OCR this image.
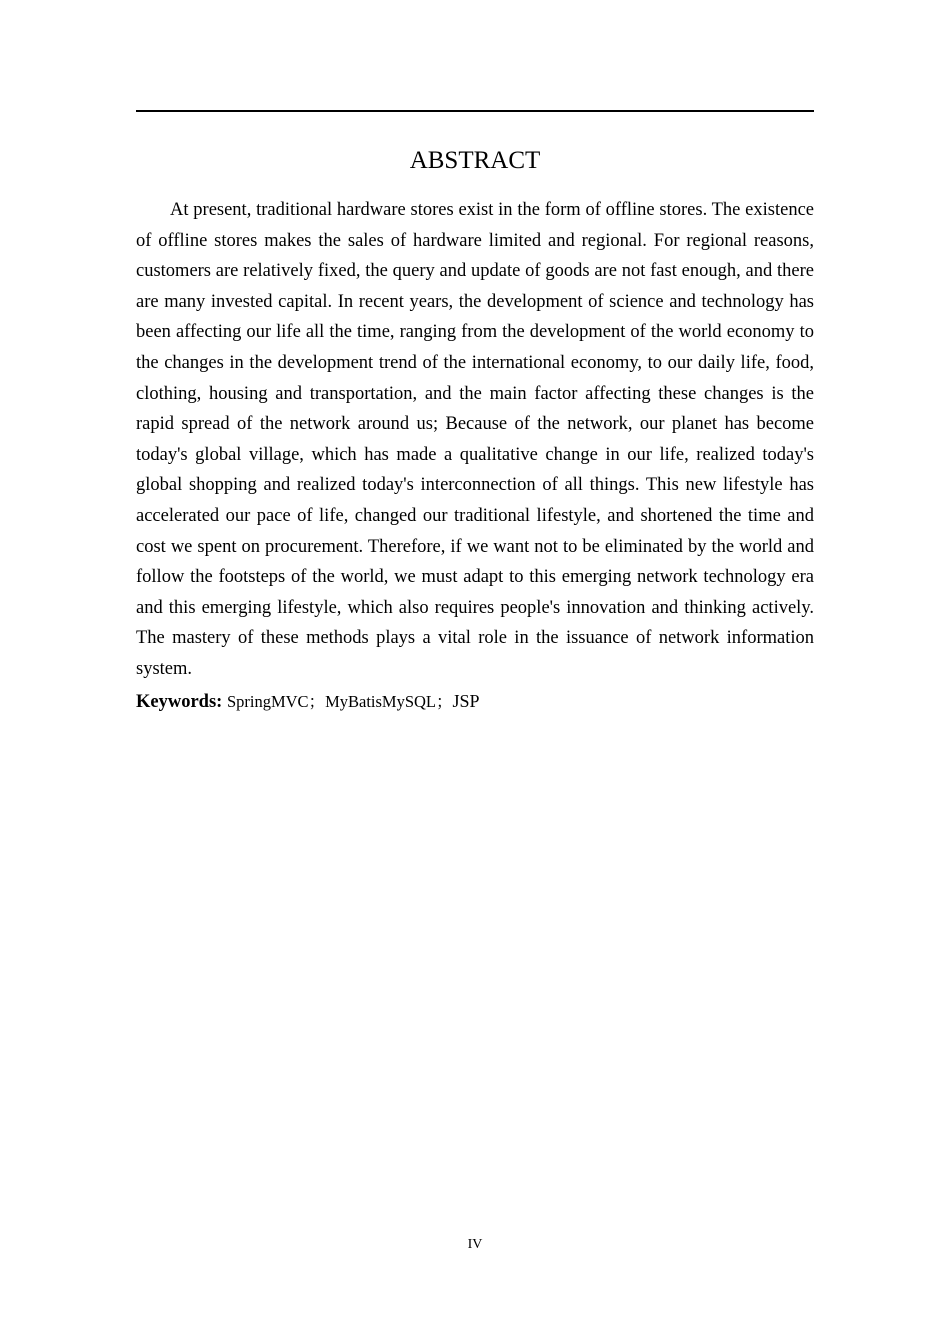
ABSTRACT

At present, traditional hardware stores exist in the form of offline stores. The existence of offline stores makes the sales of hardware limited and regional. For regional reasons, customers are relatively fixed, the query and update of goods are not fast enough, and there are many invested capital. In recent years, the development of science and technology has been affecting our life all the time, ranging from the development of the world economy to the changes in the development trend of the international economy, to our daily life, food, clothing, housing and transportation, and the main factor affecting these changes is the rapid spread of the network around us; Because of the network, our planet has become today's global village, which has made a qualitative change in our life, realized today's global shopping and realized today's interconnection of all things. This new lifestyle has accelerated our pace of life, changed our traditional lifestyle, and shortened the time and cost we spent on procurement. Therefore, if we want not to be eliminated by the world and follow the footsteps of the world, we must adapt to this emerging network technology era and this emerging lifestyle, which also requires people's innovation and thinking actively. The mastery of these methods plays a vital role in the issuance of network information system.

Keywords: SpringMVC；MyBatisMySQL；JSP
IV
